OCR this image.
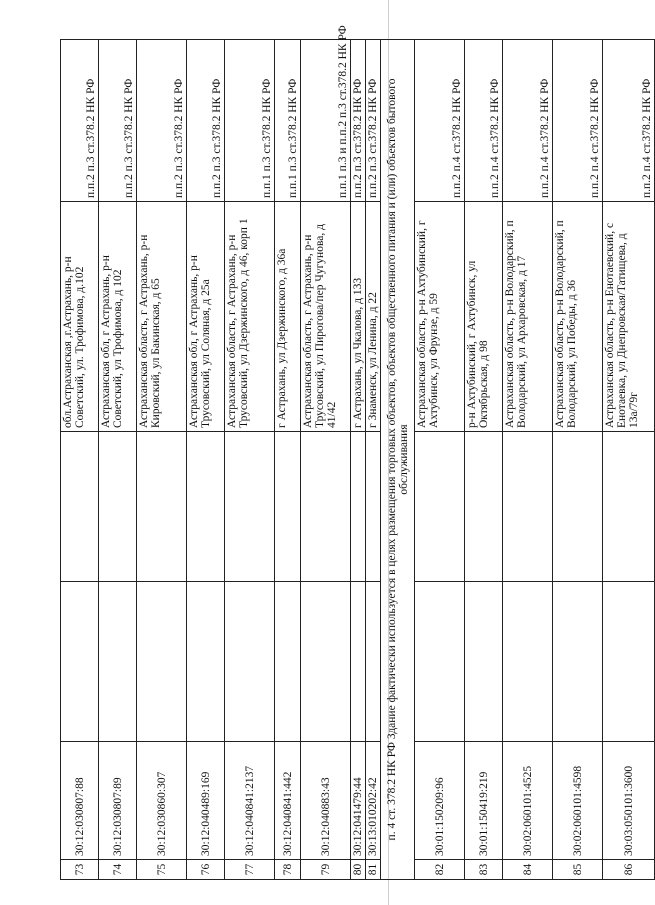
73	30:12:030807:88			обл.Астраханская ,г.Астрахань, р-н Советский, ул. Трофимова, д.102	п.п.2 п.3 ст.378.2 НК РФ
74	30:12:030807:89			Астраханская обл, г Астрахань, р-н Советский, ул Трофимова, д 102	п.п.2 п.3 ст.378.2 НК РФ
75	30:12:030860:307			Астраханская область, г Астрахань, р-н Кировский, ул Бакинская, д 65	п.п.2 п.3 ст.378.2 НК РФ
76	30:12:040489:169			Астраханская обл, г Астрахань, р-н Трусовский, ул Соляная, д 25а	п.п.2 п.3 ст.378.2 НК РФ
77	30:12:040841:2137			Астраханская область, г Астрахань, р-н Трусовский, ул Дзержинского, д 46, корп 1	п.п.1 п.3 ст.378.2 НК РФ
78	30:12:040841:442			г Астрахань, ул Дзержинского, д 36а	п.п.1 п.3 ст.378.2 НК РФ
79	30:12:040883:43			Астраханская область, г Астрахань, р-н Трусовский, ул Пирогова/пер Чугунова, д 41/42	п.п.1 п.3 и п.п.2 п.3 ст.378.2 НК РФ
80	30:12:041479:44			г Астрахань, ул Чкалова, д 133	п.п.2 п.3 ст.378.2 НК РФ
81	30:13:010202:42			г Знаменск, ул Ленина, д 22	п.п.2 п.3 ст.378.2 НК РФ
п. 4 ст. 378.2 НК РФ Здание фактически используется в целях размещения торговых объектов, объектов общественного питания и (или) объектов бытового обслуживания					
82	30:01:150209:96			Астраханская область, р-н Ахтубинский, г Ахтубинск, ул Фрунзе, д 59	п.п.2 п.4 ст.378.2 НК РФ
83	30:01:150419:219			р-н Ахтубинский, г Ахтубинск, ул Октябрьская, д 98	п.п.2 п.4 ст.378.2 НК РФ
84	30:02:060101:4525			Астраханская область, р-н Володарский, п Володарский, ул Архаровская, д 17	п.п.2 п.4 ст.378.2 НК РФ
85	30:02:060101:4598			Астраханская область, р-н Володарский, п Володарский, ул Победы, д 36	п.п.2 п.4 ст.378.2 НК РФ
86	30:03:050101:3600			Астраханская область, р-н Енотаевский, с Енотаевка, ул Днепровская/Татищева, д 13а/79г	п.п.2 п.4 ст.378.2 НК РФ
